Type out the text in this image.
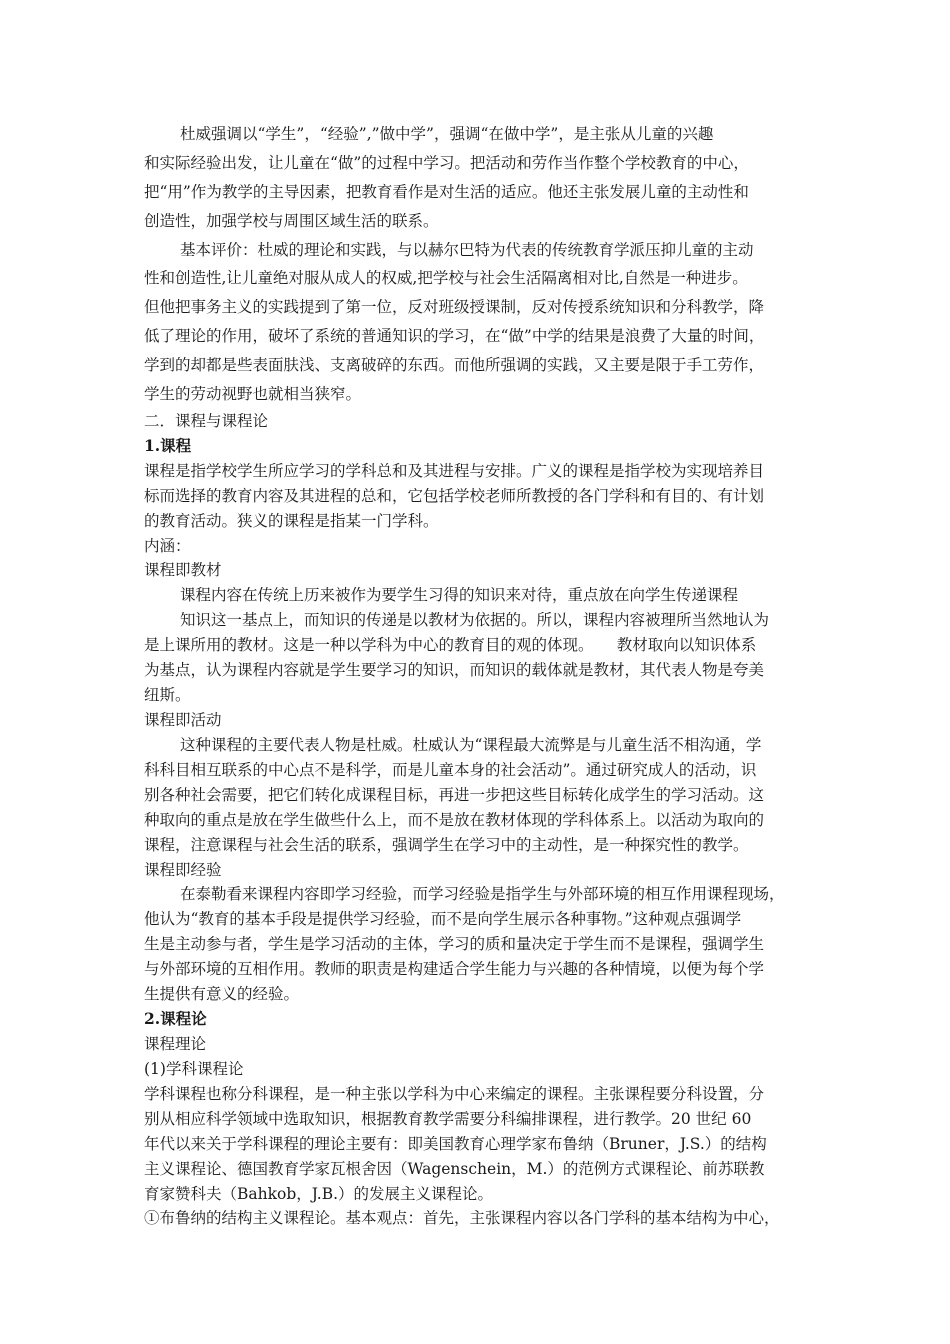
杜威强调以“学生”，“经验”,”做中学”，强调“在做中学”，是主张从儿童的兴趣
和实际经验出发，让儿童在“做”的过程中学习。把活动和劳作当作整个学校教育的中心，
把“用”作为教学的主导因素，把教育看作是对生活的适应。他还主张发展儿童的主动性和
创造性，加强学校与周围区域生活的联系。
基本评价：杜威的理论和实践，与以赫尔巴特为代表的传统教育学派压抑儿童的主动
性和创造性,让儿童绝对服从成人的权威,把学校与社会生活隔离相对比,自然是一种进步。
但他把事务主义的实践提到了第一位，反对班级授课制，反对传授系统知识和分科教学，降
低了理论的作用，破坏了系统的普通知识的学习，在“做”中学的结果是浪费了大量的时间，
学到的却都是些表面肤浅、支离破碎的东西。而他所强调的实践，又主要是限于手工劳作，
学生的劳动视野也就相当狭窄。
二．课程与课程论
1.课程
课程是指学校学生所应学习的学科总和及其进程与安排。广义的课程是指学校为实现培养目
标而选择的教育内容及其进程的总和，它包括学校老师所教授的各门学科和有目的、有计划
的教育活动。狭义的课程是指某一门学科。
内涵：
课程即教材
课程内容在传统上历来被作为要学生习得的知识来对待，重点放在向学生传递课程
知识这一基点上，而知识的传递是以教材为依据的。所以，课程内容被理所当然地认为
是上课所用的教材。这是一种以学科为中心的教育目的观的体现。　　教材取向以知识体系
为基点，认为课程内容就是学生要学习的知识，而知识的载体就是教材，其代表人物是夸美
纽斯。
课程即活动
这种课程的主要代表人物是杜威。杜威认为“课程最大流弊是与儿童生活不相沟通，学
科科目相互联系的中心点不是科学，而是儿童本身的社会活动”。通过研究成人的活动，识
别各种社会需要，把它们转化成课程目标，再进一步把这些目标转化成学生的学习活动。这
种取向的重点是放在学生做些什么上，而不是放在教材体现的学科体系上。以活动为取向的
课程，注意课程与社会生活的联系，强调学生在学习中的主动性，是一种探究性的教学。
课程即经验
在泰勒看来课程内容即学习经验，而学习经验是指学生与外部环境的相互作用课程现场，
他认为“教育的基本手段是提供学习经验，而不是向学生展示各种事物。”这种观点强调学
生是主动参与者，学生是学习活动的主体，学习的质和量决定于学生而不是课程，强调学生
与外部环境的互相作用。教师的职责是构建适合学生能力与兴趣的各种情境，以便为每个学
生提供有意义的经验。
2.课程论
课程理论
(1)学科课程论
学科课程也称分科课程，是一种主张以学科为中心来编定的课程。主张课程要分科设置，分
别从相应科学领域中选取知识，根据教育教学需要分科编排课程，进行教学。20 世纪 60
年代以来关于学科课程的理论主要有：即美国教育心理学家布鲁纳（Bruner，J.S.）的结构
主义课程论、德国教育学家瓦根舍因（Wagenschein，M.）的范例方式课程论、前苏联教
育家赞科夫（Bahkob，J.B.）的发展主义课程论。
①布鲁纳的结构主义课程论。基本观点：首先，主张课程内容以各门学科的基本结构为中心，
